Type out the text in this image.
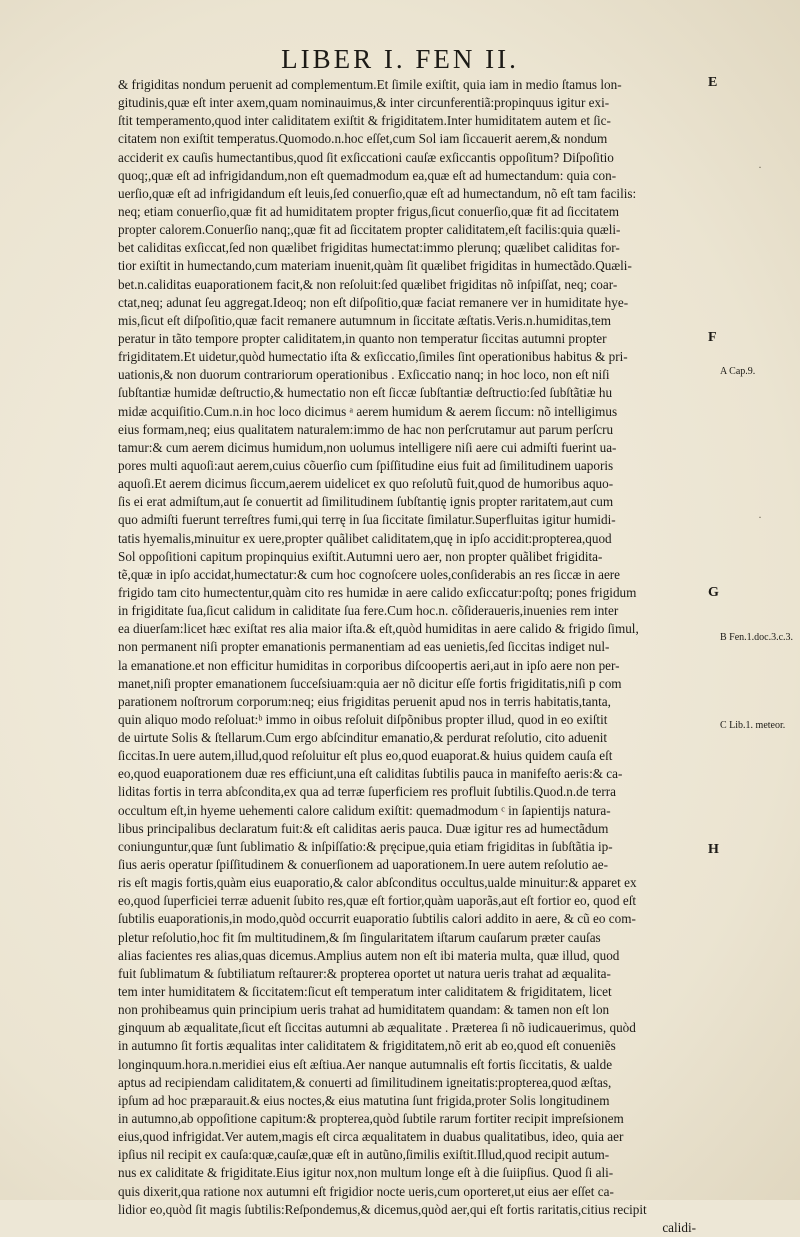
LIBER I. FEN II.
& frigiditas nondum peruenit ad complementum.Et ſimile exiſtit, quia iam in medio ſtamus lon-
gitudinis,quæ eſt inter axem,quam nominauimus,& inter circunferentiã:propinquus igitur exi-
ſtit temperamento,quod inter caliditatem exiſtit & frigiditatem.Inter humiditatem autem et ſic-
citatem non exiſtit temperatus.Quomodo.n.hoc eſſet,cum Sol iam ſiccauerit aerem,& nondum
acciderit ex cauſis humectantibus,quod ſit exſiccationi cauſæ exſiccantis oppoſitum? Diſpoſitio
quoq;,quæ eſt ad infrigidandum,non eſt quemadmodum ea,quæ eſt ad humectandum: quia con-
uerſio,quæ eſt ad infrigidandum eſt leuis,ſed conuerſio,quæ eſt ad humectandum, nõ eſt tam facilis:
neq; etiam conuerſio,quæ fit ad humiditatem propter frigus,ſicut conuerſio,quæ fit ad ſiccitatem
propter calorem.Conuerſio nanq;,quæ fit ad ſiccitatem propter caliditatem,eſt facilis:quia quæli-
bet caliditas exſiccat,ſed non quælibet frigiditas humectat:immo plerunq; quælibet caliditas for-
tior exiſtit in humectando,cum materiam inuenit,quàm ſit quælibet frigiditas in humectãdo.Quæli-
bet.n.caliditas euaporationem facit,& non reſoluit:ſed quælibet frigiditas nõ inſpiſſat, neq; coar-
ctat,neq; adunat ſeu aggregat.Ideoq; non eſt diſpoſitio,quæ faciat remanere ver in humiditate hye-
mis,ſicut eſt diſpoſitio,quæ facit remanere autumnum in ſiccitate æſtatis.Veris.n.humiditas,tem
peratur in tãto tempore propter caliditatem,in quanto non temperatur ſiccitas autumni propter
frigiditatem.Et uidetur,quòd humectatio iſta & exſiccatio,ſimiles ſint operationibus habitus & pri-
uationis,& non duorum contrariorum operationibus . Exſiccatio nanq; in hoc loco, non eſt niſi
ſubſtantiæ humidæ deſtructio,& humectatio non eſt ſiccæ ſubſtantiæ deſtructio:ſed ſubſtãtiæ hu
midæ acquiſitio.Cum.n.in hoc loco dicimus ᵃ aerem humidum & aerem ſiccum: nõ intelligimus
eius formam,neq; eius qualitatem naturalem:immo de hac non perſcrutamur aut parum perſcru
tamur:& cum aerem dicimus humidum,non uolumus intelligere niſi aere cui admiſti fuerint ua-
pores multi aquoſi:aut aerem,cuius cõuerſio cum ſpiſſitudine eius fuit ad ſimilitudinem uaporis
aquoſi.Et aerem dicimus ſiccum,aerem uidelicet ex quo reſolutũ fuit,quod de humoribus aquo-
ſis ei erat admiſtum,aut ſe conuertit ad ſimilitudinem ſubſtantię ignis propter raritatem,aut cum
quo admiſti fuerunt terreſtres fumi,qui terrę in ſua ſiccitate ſimilatur.Superfluitas igitur humidi-
tatis hyemalis,minuitur ex uere,propter quãlibet caliditatem,quę in ipſo accidit:propterea,quod
Sol oppoſitioni capitum propinquius exiſtit.Autumni uero aer, non propter quãlibet frigidita-
tẽ,quæ in ipſo accidat,humectatur:& cum hoc cognoſcere uoles,conſiderabis an res ſiccæ in aere
frigido tam cito humectentur,quàm cito res humidæ in aere calido exſiccatur:poſtq; pones frigidum
in frigiditate ſua,ſicut calidum in caliditate ſua fere.Cum hoc.n. cõſideraueris,inuenies rem inter
ea diuerſam:licet hæc exiſtat res alia maior iſta.& eſt,quòd humiditas in aere calido & frigido ſimul,
non permanent niſi propter emanationis permanentiam ad eas uenietis,ſed ſiccitas indiget nul-
la emanatione.et non efficitur humiditas in corporibus diſcoopertis aeri,aut in ipſo aere non per-
manet,niſi propter emanationem ſucceſsiuam:quia aer nõ dicitur eſſe fortis frigiditatis,niſi p com
parationem noſtrorum corporum:neq; eius frigiditas peruenit apud nos in terris habitatis,tanta,
quin aliquo modo reſoluat:ᵇ immo in oibus reſoluit diſpõnibus propter illud, quod in eo exiſtit
de uirtute Solis & ſtellarum.Cum ergo abſcinditur emanatio,& perdurat reſolutio, cito aduenit
ſiccitas.In uere autem,illud,quod reſoluitur eſt plus eo,quod euaporat.& huius quidem cauſa eſt
eo,quod euaporationem duæ res efficiunt,una eſt caliditas ſubtilis pauca in manifeſto aeris:& ca-
liditas fortis in terra abſcondita,ex qua ad terræ ſuperficiem res profluit ſubtilis.Quod.n.de terra
occultum eſt,in hyeme uehementi calore calidum exiſtit: quemadmodum ᶜ in ſapientijs natura-
libus principalibus declaratum fuit:& eſt caliditas aeris pauca. Duæ igitur res ad humectãdum
coniunguntur,quæ ſunt ſublimatio & inſpiſſatio:& pręcipue,quia etiam frigiditas in ſubſtãtia ip-
ſius aeris operatur ſpiſſitudinem & conuerſionem ad uaporationem.In uere autem reſolutio ae-
ris eſt magis fortis,quàm eius euaporatio,& calor abſconditus occultus,ualde minuitur:& apparet ex
eo,quod ſuperficiei terræ aduenit ſubito res,quæ eſt fortior,quàm uaporãs,aut eſt fortior eo, quod eſt
ſubtilis euaporationis,in modo,quòd occurrit euaporatio ſubtilis calori addito in aere, & cũ eo com-
pletur reſolutio,hoc fit ſm multitudinem,& ſm ſingularitatem iſtarum cauſarum præter cauſas
alias facientes res alias,quas dicemus.Amplius autem non eſt ibi materia multa, quæ illud, quod
fuit ſublimatum & ſubtiliatum reſtaurer:& propterea oportet ut natura ueris trahat ad æqualita-
tem inter humiditatem & ſiccitatem:ſicut eſt temperatum inter caliditatem & frigiditatem, licet
non prohibeamus quin principium ueris trahat ad humiditatem quandam: & tamen non eſt lon
ginquum ab æqualitate,ſicut eſt ſiccitas autumni ab æqualitate . Præterea ſi nõ iudicauerimus, quòd
in autumno ſit fortis æqualitas inter caliditatem & frigiditatem,nõ erit ab eo,quod eſt conueniẽs
longinquum.hora.n.meridiei eius eſt æſtiua.Aer nanque autumnalis eſt fortis ſiccitatis, & ualde
aptus ad recipiendam caliditatem,& conuerti ad ſimilitudinem igneitatis:propterea,quod æſtas,
ipſum ad hoc præparauit.& eius noctes,& eius matutina ſunt frigida,proter Solis longitudinem
in autumno,ab oppoſitione capitum:& propterea,quòd ſubtile rarum fortiter recipit impreſsionem
eius,quod infrigidat.Ver autem,magis eſt circa æqualitatem in duabus qualitatibus, ideo, quia aer
ipſius nil recipit ex cauſa:quæ,cauſæ,quæ eſt in autũno,ſimilis exiſtit.Illud,quod recipit autum-
nus ex caliditate & frigiditate.Eius igitur nox,non multum longe eſt à die ſuiipſius. Quod ſi ali-
quis dixerit,qua ratione nox autumni eſt frigidior nocte ueris,cum oporteret,ut eius aer eſſet ca-
lidior eo,quòd ſit magis ſubtilis:Reſpondemus,& dicemus,quòd aer,qui eſt fortis raritatis,citius recipit
calidi-
E
F
G
H
A Cap.9.
B Fen.1.doc.3.c.3.
C Lib.1. meteor.
·
·
